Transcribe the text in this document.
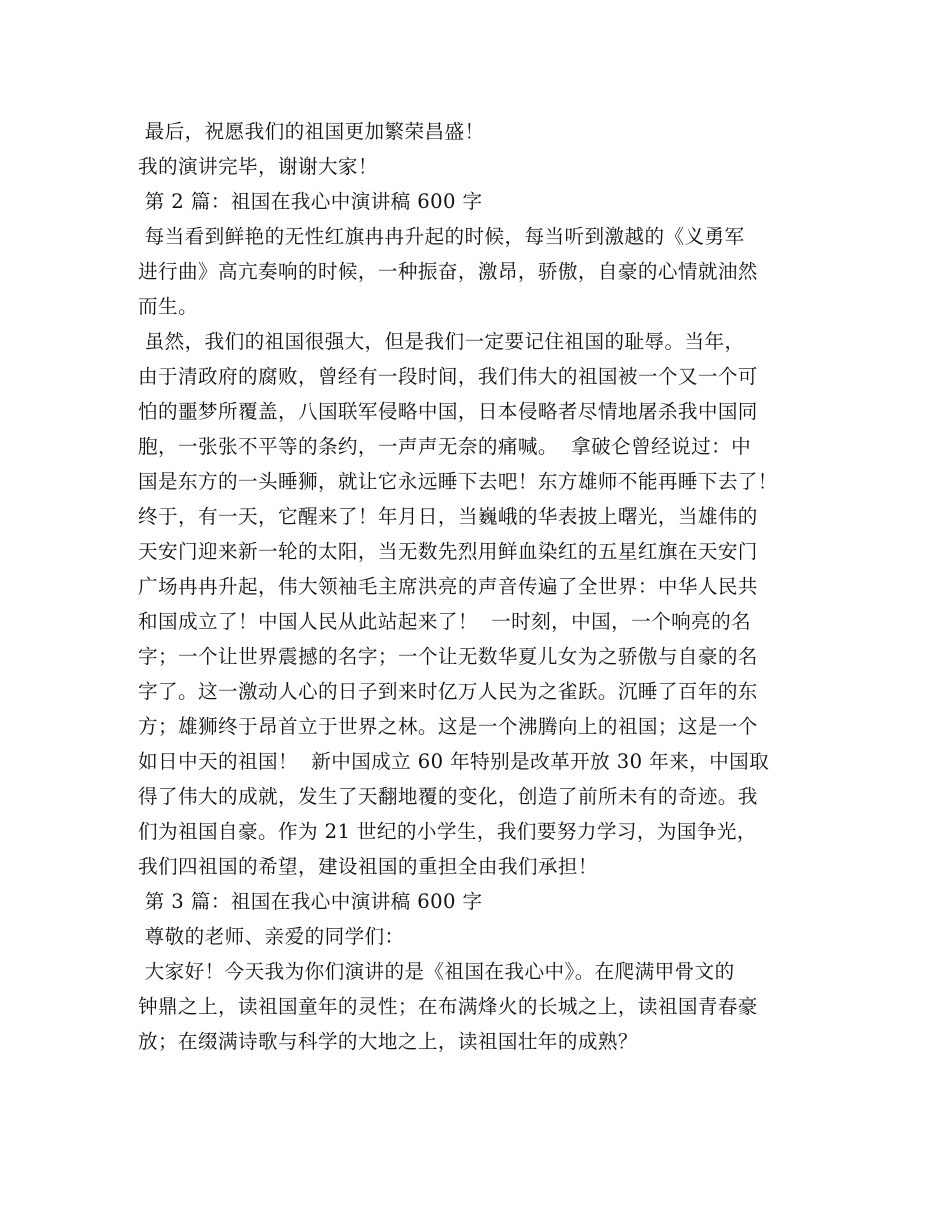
最后，祝愿我们的祖国更加繁荣昌盛！
我的演讲完毕，谢谢大家！
第 2 篇：祖国在我心中演讲稿 600 字
每当看到鲜艳的无性红旗冉冉升起的时候，每当听到激越的《义勇军
进行曲》高亢奏响的时候，一种振奋，激昂，骄傲，自豪的心情就油然
而生。
虽然，我们的祖国很强大，但是我们一定要记住祖国的耻辱。当年，
由于清政府的腐败，曾经有一段时间，我们伟大的祖国被一个又一个可
怕的噩梦所覆盖，八国联军侵略中国，日本侵略者尽情地屠杀我中国同
胞，一张张不平等的条约，一声声无奈的痛喊。  拿破仑曾经说过：中
国是东方的一头睡狮，就让它永远睡下去吧！东方雄师不能再睡下去了！
终于，有一天，它醒来了！年月日，当巍峨的华表披上曙光，当雄伟的
天安门迎来新一轮的太阳，当无数先烈用鲜血染红的五星红旗在天安门
广场冉冉升起，伟大领袖毛主席洪亮的声音传遍了全世界：中华人民共
和国成立了！中国人民从此站起来了！  一时刻，中国，一个响亮的名
字；一个让世界震撼的名字；一个让无数华夏儿女为之骄傲与自豪的名
字了。这一激动人心的日子到来时亿万人民为之雀跃。沉睡了百年的东
方；雄狮终于昂首立于世界之林。这是一个沸腾向上的祖国；这是一个
如日中天的祖国！  新中国成立 60 年特别是改革开放 30 年来，中国取
得了伟大的成就，发生了天翻地覆的变化，创造了前所未有的奇迹。我
们为祖国自豪。作为 21 世纪的小学生，我们要努力学习，为国争光，
我们四祖国的希望，建设祖国的重担全由我们承担！
第 3 篇：祖国在我心中演讲稿 600 字
尊敬的老师、亲爱的同学们：
大家好！今天我为你们演讲的是《祖国在我心中》。在爬满甲骨文的
钟鼎之上，读祖国童年的灵性；在布满烽火的长城之上，读祖国青春豪
放；在缀满诗歌与科学的大地之上，读祖国壮年的成熟？
